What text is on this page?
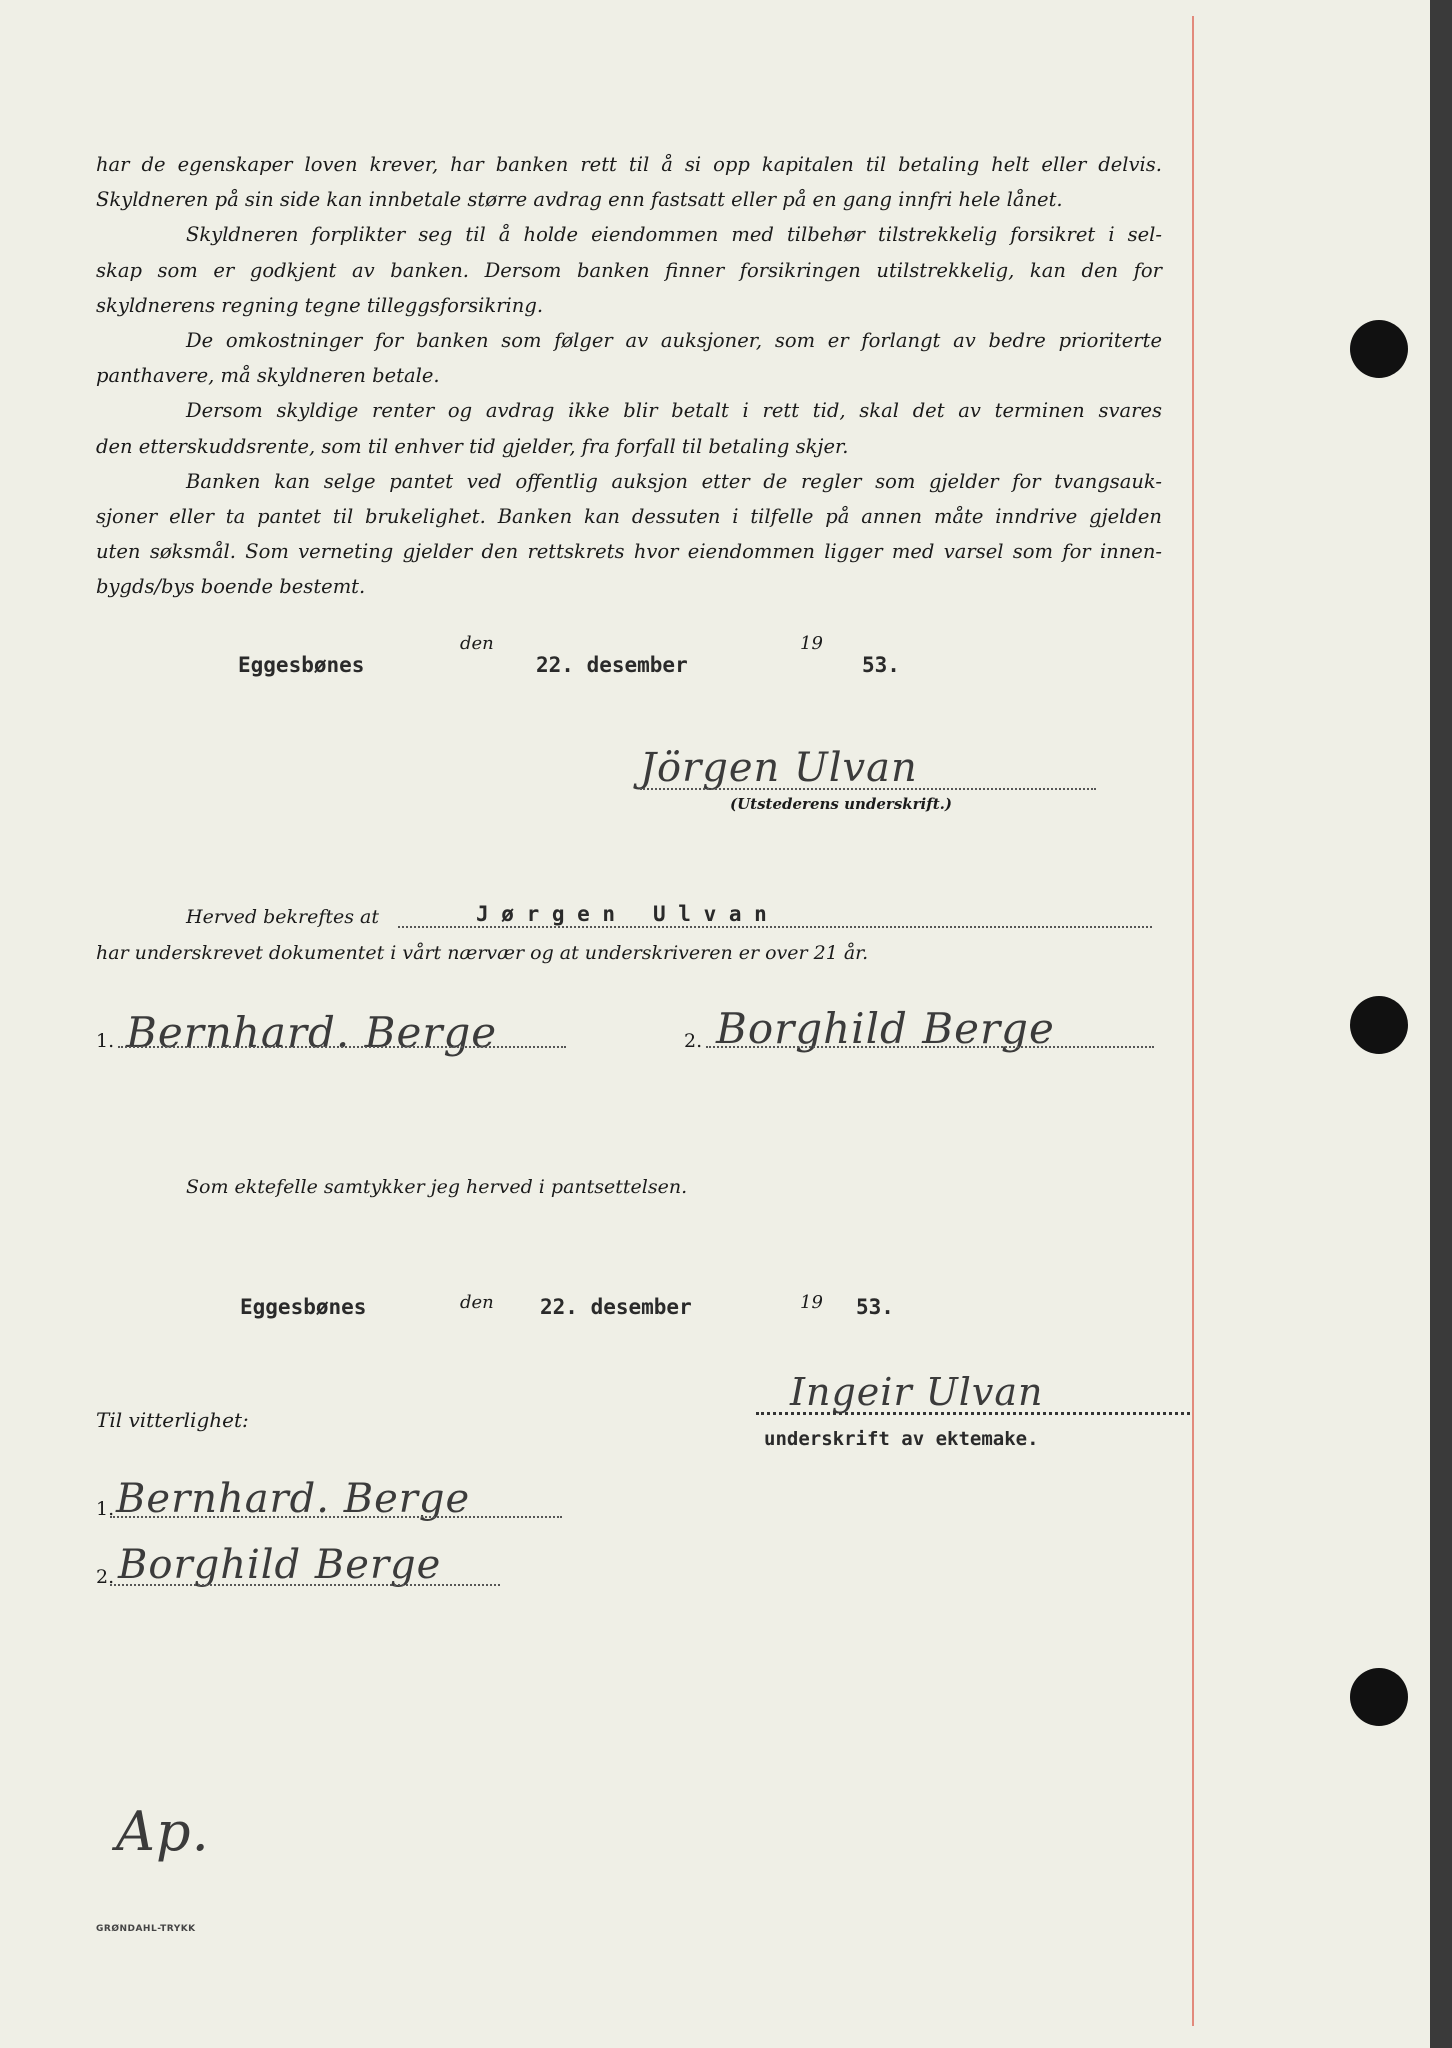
har de egenskaper loven krever, har banken rett til å si opp kapitalen til betaling helt eller delvis.
Skyldneren på sin side kan innbetale større avdrag enn fastsatt eller på en gang innfri hele lånet.
Skyldneren forplikter seg til å holde eiendommen med tilbehør tilstrekkelig forsikret i sel-
skap som er godkjent av banken. Dersom banken finner forsikringen utilstrekkelig, kan den for
skyldnerens regning tegne tilleggsforsikring.
De omkostninger for banken som følger av auksjoner, som er forlangt av bedre prioriterte
panthavere, må skyldneren betale.
Dersom skyldige renter og avdrag ikke blir betalt i rett tid, skal det av terminen svares
den etterskuddsrente, som til enhver tid gjelder, fra forfall til betaling skjer.
Banken kan selge pantet ved offentlig auksjon etter de regler som gjelder for tvangsauk-
sjoner eller ta pantet til brukelighet. Banken kan dessuten i tilfelle på annen måte inndrive gjelden
uten søksmål. Som verneting gjelder den rettskrets hvor eiendommen ligger med varsel som for innen-
bygds/bys boende bestemt.
Eggesbønes
den
22. desember
19
53.
Jörgen Ulvan
(Utstederens underskrift.)
Herved bekreftes at	J ø r g e n   U l v a n
har underskrevet dokumentet i vårt nærvær og at underskriveren er over 21 år.
1. Bernhard. Berge	2. Borghild Berge
Som ektefelle samtykker jeg herved i pantsettelsen.
Eggesbønes	den 22. desember	19 53.
Ingeir Ulvan
underskrift av ektemake.
Til vitterlighet:
1. Bernhard. Berge
2. Borghild Berge
Ap.
GRØNDAHL-TRYKK
